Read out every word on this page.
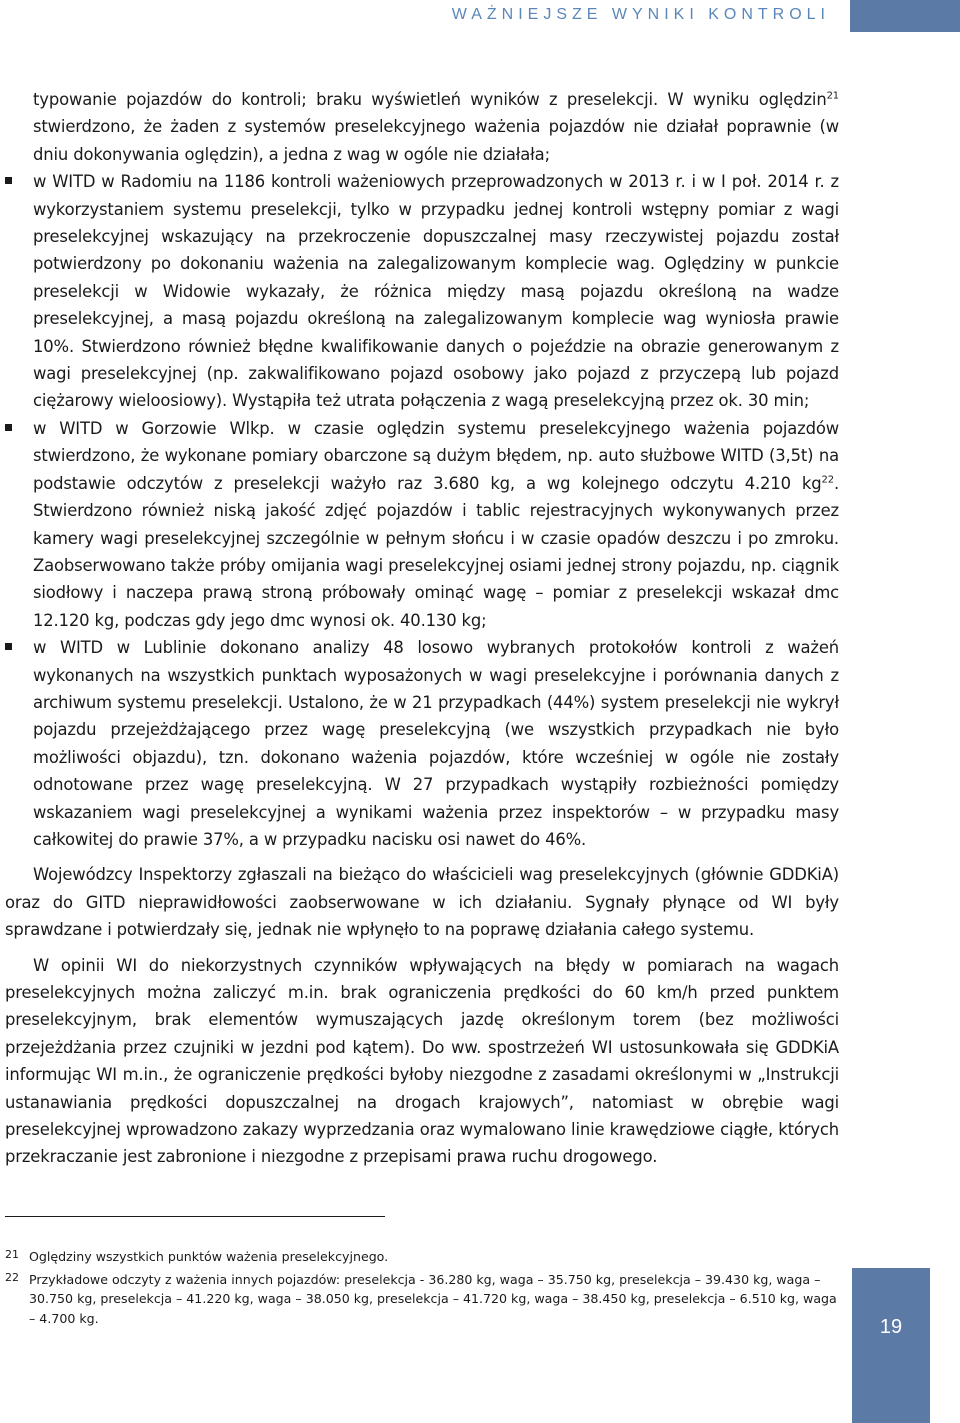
WAŻNIEJSZE WYNIKI KONTROLI

typowanie pojazdów do kontroli; braku wyświetleń wyników z preselekcji. W wyniku oględzin$^{21}$ stwierdzono, że żaden z systemów preselekcyjnego ważenia pojazdów nie działał poprawnie (w dniu dokonywania oględzin), a jedna z wag w ogóle nie działała;

w WITD w Radomiu na 1186 kontroli ważeniowych przeprowadzonych w 2013 r. i w I poł. 2014 r. z wykorzystaniem systemu preselekcji, tylko w przypadku jednej kontroli wstępny pomiar z wagi preselekcyjnej wskazujący na przekroczenie dopuszczalnej masy rzeczywistej pojazdu został potwierdzony po dokonaniu ważenia na zalegalizowanym komplecie wag. Oględziny w punkcie preselekcji w Widowie wykazały, że różnica między masą pojazdu określoną na wadze preselekcyjnej, a masą pojazdu określoną na zalegalizowanym komplecie wag wyniosła prawie 10%. Stwierdzono również błędne kwalifikowanie danych o pojeździe na obrazie generowanym z wagi preselekcyjnej (np. zakwalifikowano pojazd osobowy jako pojazd z przyczepą lub pojazd ciężarowy wieloosiowy). Wystąpiła też utrata połączenia z wagą preselekcyjną przez ok. 30 min;

w WITD w Gorzowie Wlkp. w czasie oględzin systemu preselekcyjnego ważenia pojazdów stwierdzono, że wykonane pomiary obarczone są dużym błędem, np. auto służbowe WITD (3,5t) na podstawie odczytów z preselekcji ważyło raz 3.680 kg, a wg kolejnego odczytu 4.210 $kg^{22}$. Stwierdzono również niską jakość zdjęć pojazdów i tablic rejestracyjnych wykonywanych przez kamery wagi preselekcyjnej szczególnie w pełnym słońcu i w czasie opadów deszczu i po zmroku. Zaobserwowano także próby omijania wagi preselekcyjnej osiami jednej strony pojazdu, np. ciągnik siodłowy i naczepa prawą stroną próbowały ominąć wagę – pomiar z preselekcji wskazał dmc 12.120 kg, podczas gdy jego dmc wynosi ok. 40.130 kg;

w WITD w Lublinie dokonano analizy 48 losowo wybranych protokołów kontroli z ważeń wykonanych na wszystkich punktach wyposażonych w wagi preselekcyjne i porównania danych z archiwum systemu preselekcji. Ustalono, że w 21 przypadkach (44%) system preselekcji nie wykrył pojazdu przejeżdżającego przez wagę preselekcyjną (we wszystkich przypadkach nie było możliwości objazdu), tzn. dokonano ważenia pojazdów, które wcześniej w ogóle nie zostały odnotowane przez wagę preselekcyjną. W 27 przypadkach wystąpiły rozbieżności pomiędzy wskazaniem wagi preselekcyjnej a wynikami ważenia przez inspektorów – w przypadku masy całkowitej do prawie 37%, a w przypadku nacisku osi nawet do 46%.

Wojewódzcy Inspektorzy zgłaszali na bieżąco do właścicieli wag preselekcyjnych (głównie GDDKiA) oraz do GITD nieprawidłowości zaobserwowane w ich działaniu. Sygnały płynące od WI były sprawdzane i potwierdzały się, jednak nie wpłynęło to na poprawę działania całego systemu.

W opinii WI do niekorzystnych czynników wpływających na błędy w pomiarach na wagach preselekcyjnych można zaliczyć m.in. brak ograniczenia prędkości do 60 km/h przed punktem preselekcyjnym, brak elementów wymuszających jazdę określonym torem (bez możliwości przejeżdżania przez czujniki w jezdni pod kątem). Do ww. spostrzeżeń WI ustosunkowała się GDDKiA informując WI m.in., że ograniczenie prędkości byłoby niezgodne z zasadami określonymi w „Instrukcji ustanawiania prędkości dopuszczalnej na drogach krajowych”, natomiast w obrębie wagi preselekcyjnej wprowadzono zakazy wyprzedzania oraz wymalowano linie krawędziowe ciągłe, których przekraczanie jest zabronione i niezgodne z przepisami prawa ruchu drogowego.

21 Oględziny wszystkich punktów ważenia preselekcyjnego.
22 Przykładowe odczyty z ważenia innych pojazdów: preselekcja - 36.280 kg, waga – 35.750 kg, preselekcja – 39.430 kg, waga – 30.750 kg, preselekcja – 41.220 kg, waga – 38.050 kg, preselekcja – 41.720 kg, waga – 38.450 kg, preselekcja – 6.510 kg, waga – 4.700 kg.	19
